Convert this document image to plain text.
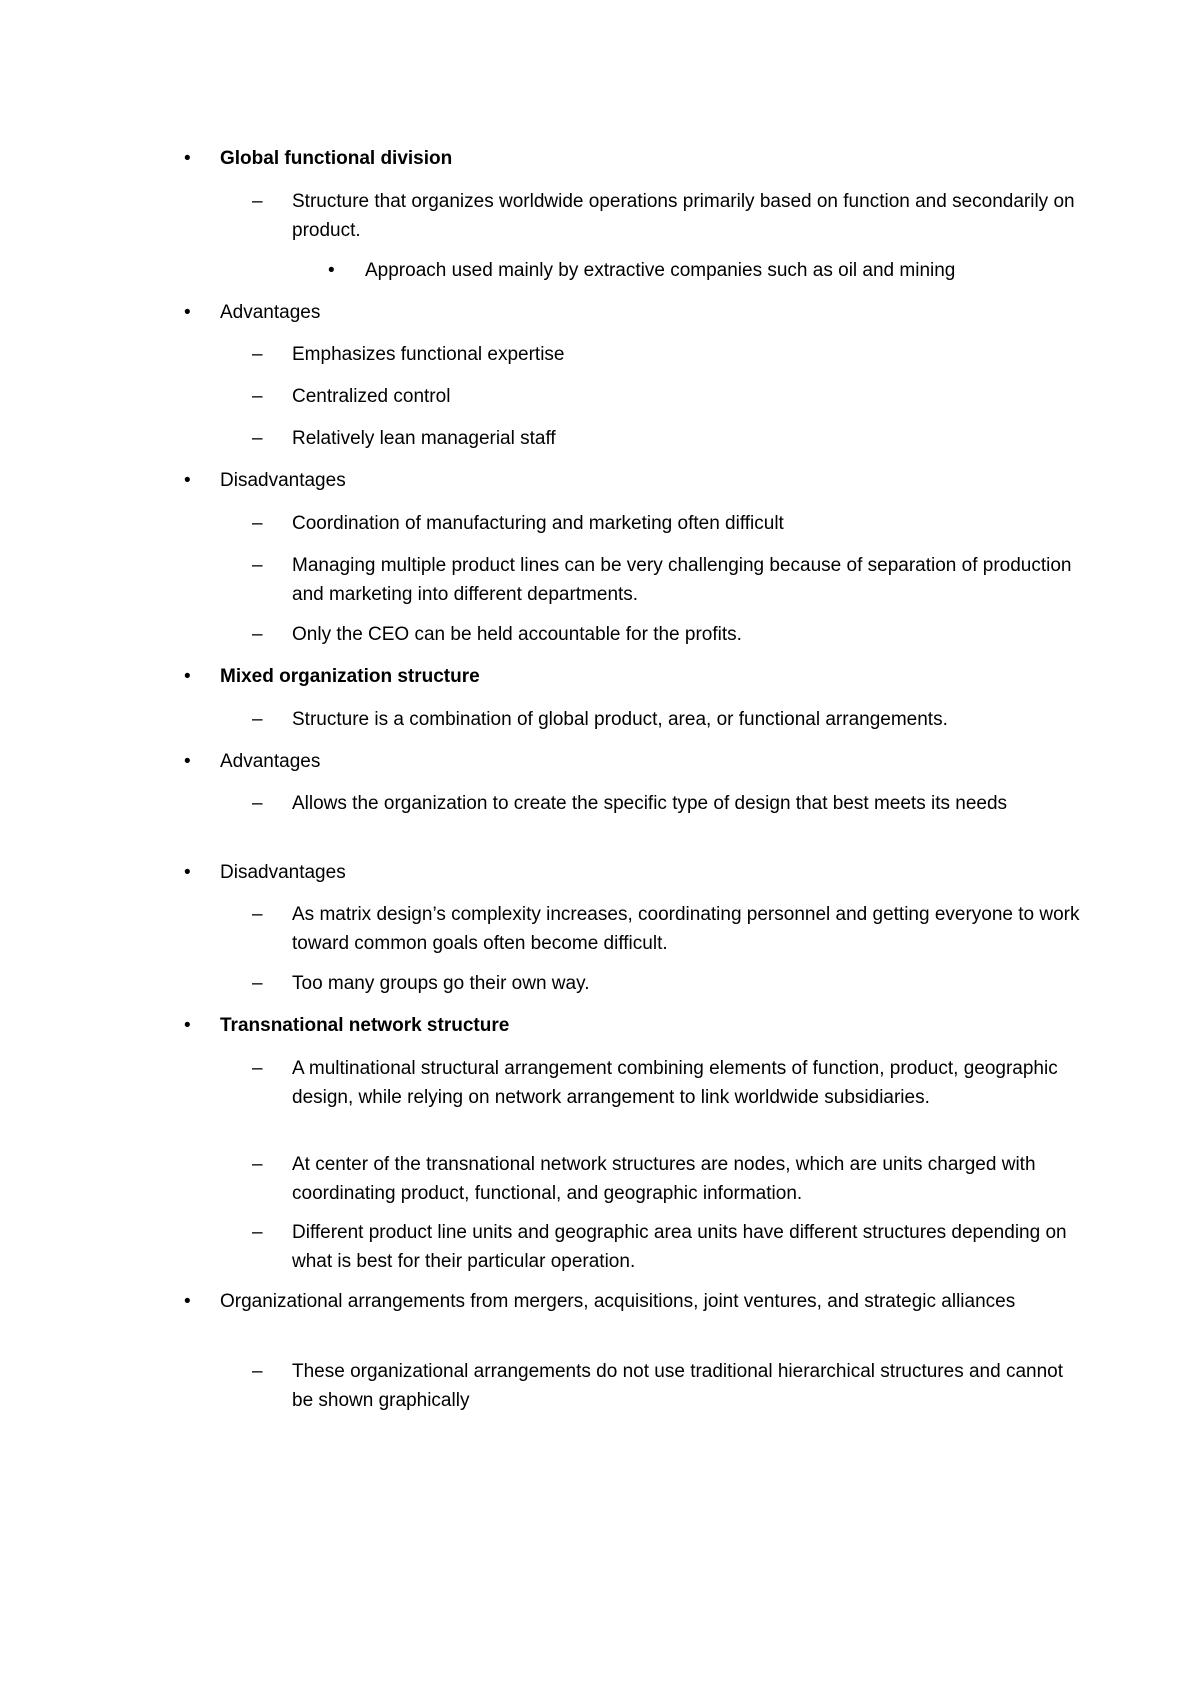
• Global functional division
– Structure that organizes worldwide operations primarily based on function and secondarily on product.
• Approach used mainly by extractive companies such as oil and mining
• Advantages
– Emphasizes functional expertise
– Centralized control
– Relatively lean managerial staff
• Disadvantages
– Coordination of manufacturing and marketing often difficult
– Managing multiple product lines can be very challenging because of separation of production and marketing into different departments.
– Only the CEO can be held accountable for the profits.
• Mixed organization structure
– Structure is a combination of global product, area, or functional arrangements.
• Advantages
– Allows the organization to create the specific type of design that best meets its needs
• Disadvantages
– As matrix design’s complexity increases, coordinating personnel and getting everyone to work toward common goals often become difficult.
– Too many groups go their own way.
• Transnational network structure
– A multinational structural arrangement combining elements of function, product, geographic design, while relying on network arrangement to link worldwide subsidiaries.
– At center of the transnational network structures are nodes, which are units charged with coordinating product, functional, and geographic information.
– Different product line units and geographic area units have different structures depending on what is best for their particular operation.
• Organizational arrangements from mergers, acquisitions, joint ventures, and strategic alliances
– These organizational arrangements do not use traditional hierarchical structures and cannot be shown graphically
